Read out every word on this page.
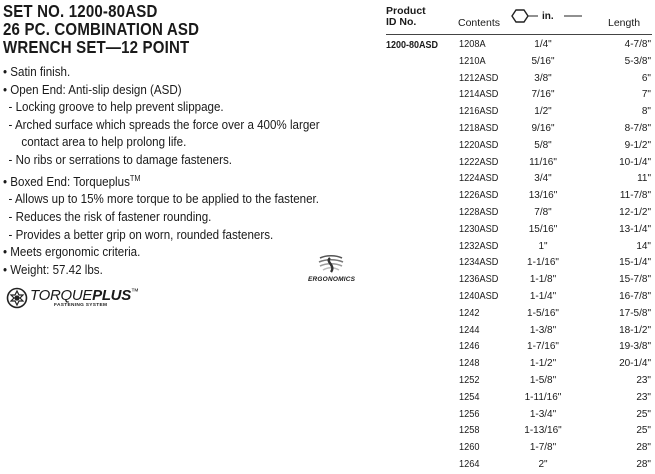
SET NO. 1200-80ASD
26 PC. COMBINATION ASD
WRENCH SET—12 POINT
• Satin finish.
• Open End: Anti-slip design (ASD)
- Locking groove to help prevent slippage.
- Arched surface which spreads the force over a 400% larger
contact area to help prolong life.
- No ribs or serrations to damage fasteners.
• Boxed End: Torqueplus™
- Allows up to 15% more torque to be applied to the fastener.
- Reduces the risk of fastener rounding.
- Provides a better grip on worn, rounded fasteners.
• Meets ergonomic criteria.
• Weight: 57.42 lbs.
ERGONOMICS
TORQUEPLUS™
FASTENING SYSTEM
Product
ID No.	Contents
in.
Length
1200-80ASD 1208A	1/4"	4-7/8"
1210A	5/16"	5-3/8"
1212ASD	3/8"	6"
1214ASD	7/16"	7"
1216ASD	1/2"	8"
1218ASD	9/16"	8-7/8"
1220ASD	5/8"	9-1/2"
1222ASD	11/16"	10-1/4"
1224ASD	3/4"	11"
1226ASD	13/16"	11-7/8"
1228ASD	7/8"	12-1/2"
1230ASD	15/16"	13-1/4"
1232ASD	1"	14"
1234ASD	1-1/16"	15-1/4"
1236ASD	1-1/8"	15-7/8"
1240ASD	1-1/4"	16-7/8"
1242	1-5/16"	17-5/8"
1244	1-3/8"	18-1/2"
1246	1-7/16"	19-3/8"
1248	1-1/2"	20-1/4"
1252	1-5/8"	23"
1254	1-11/16"	23"
1256	1-3/4"	25"
1258	1-13/16"	25"
1260	1-7/8"	28"
1264	2"	28"
